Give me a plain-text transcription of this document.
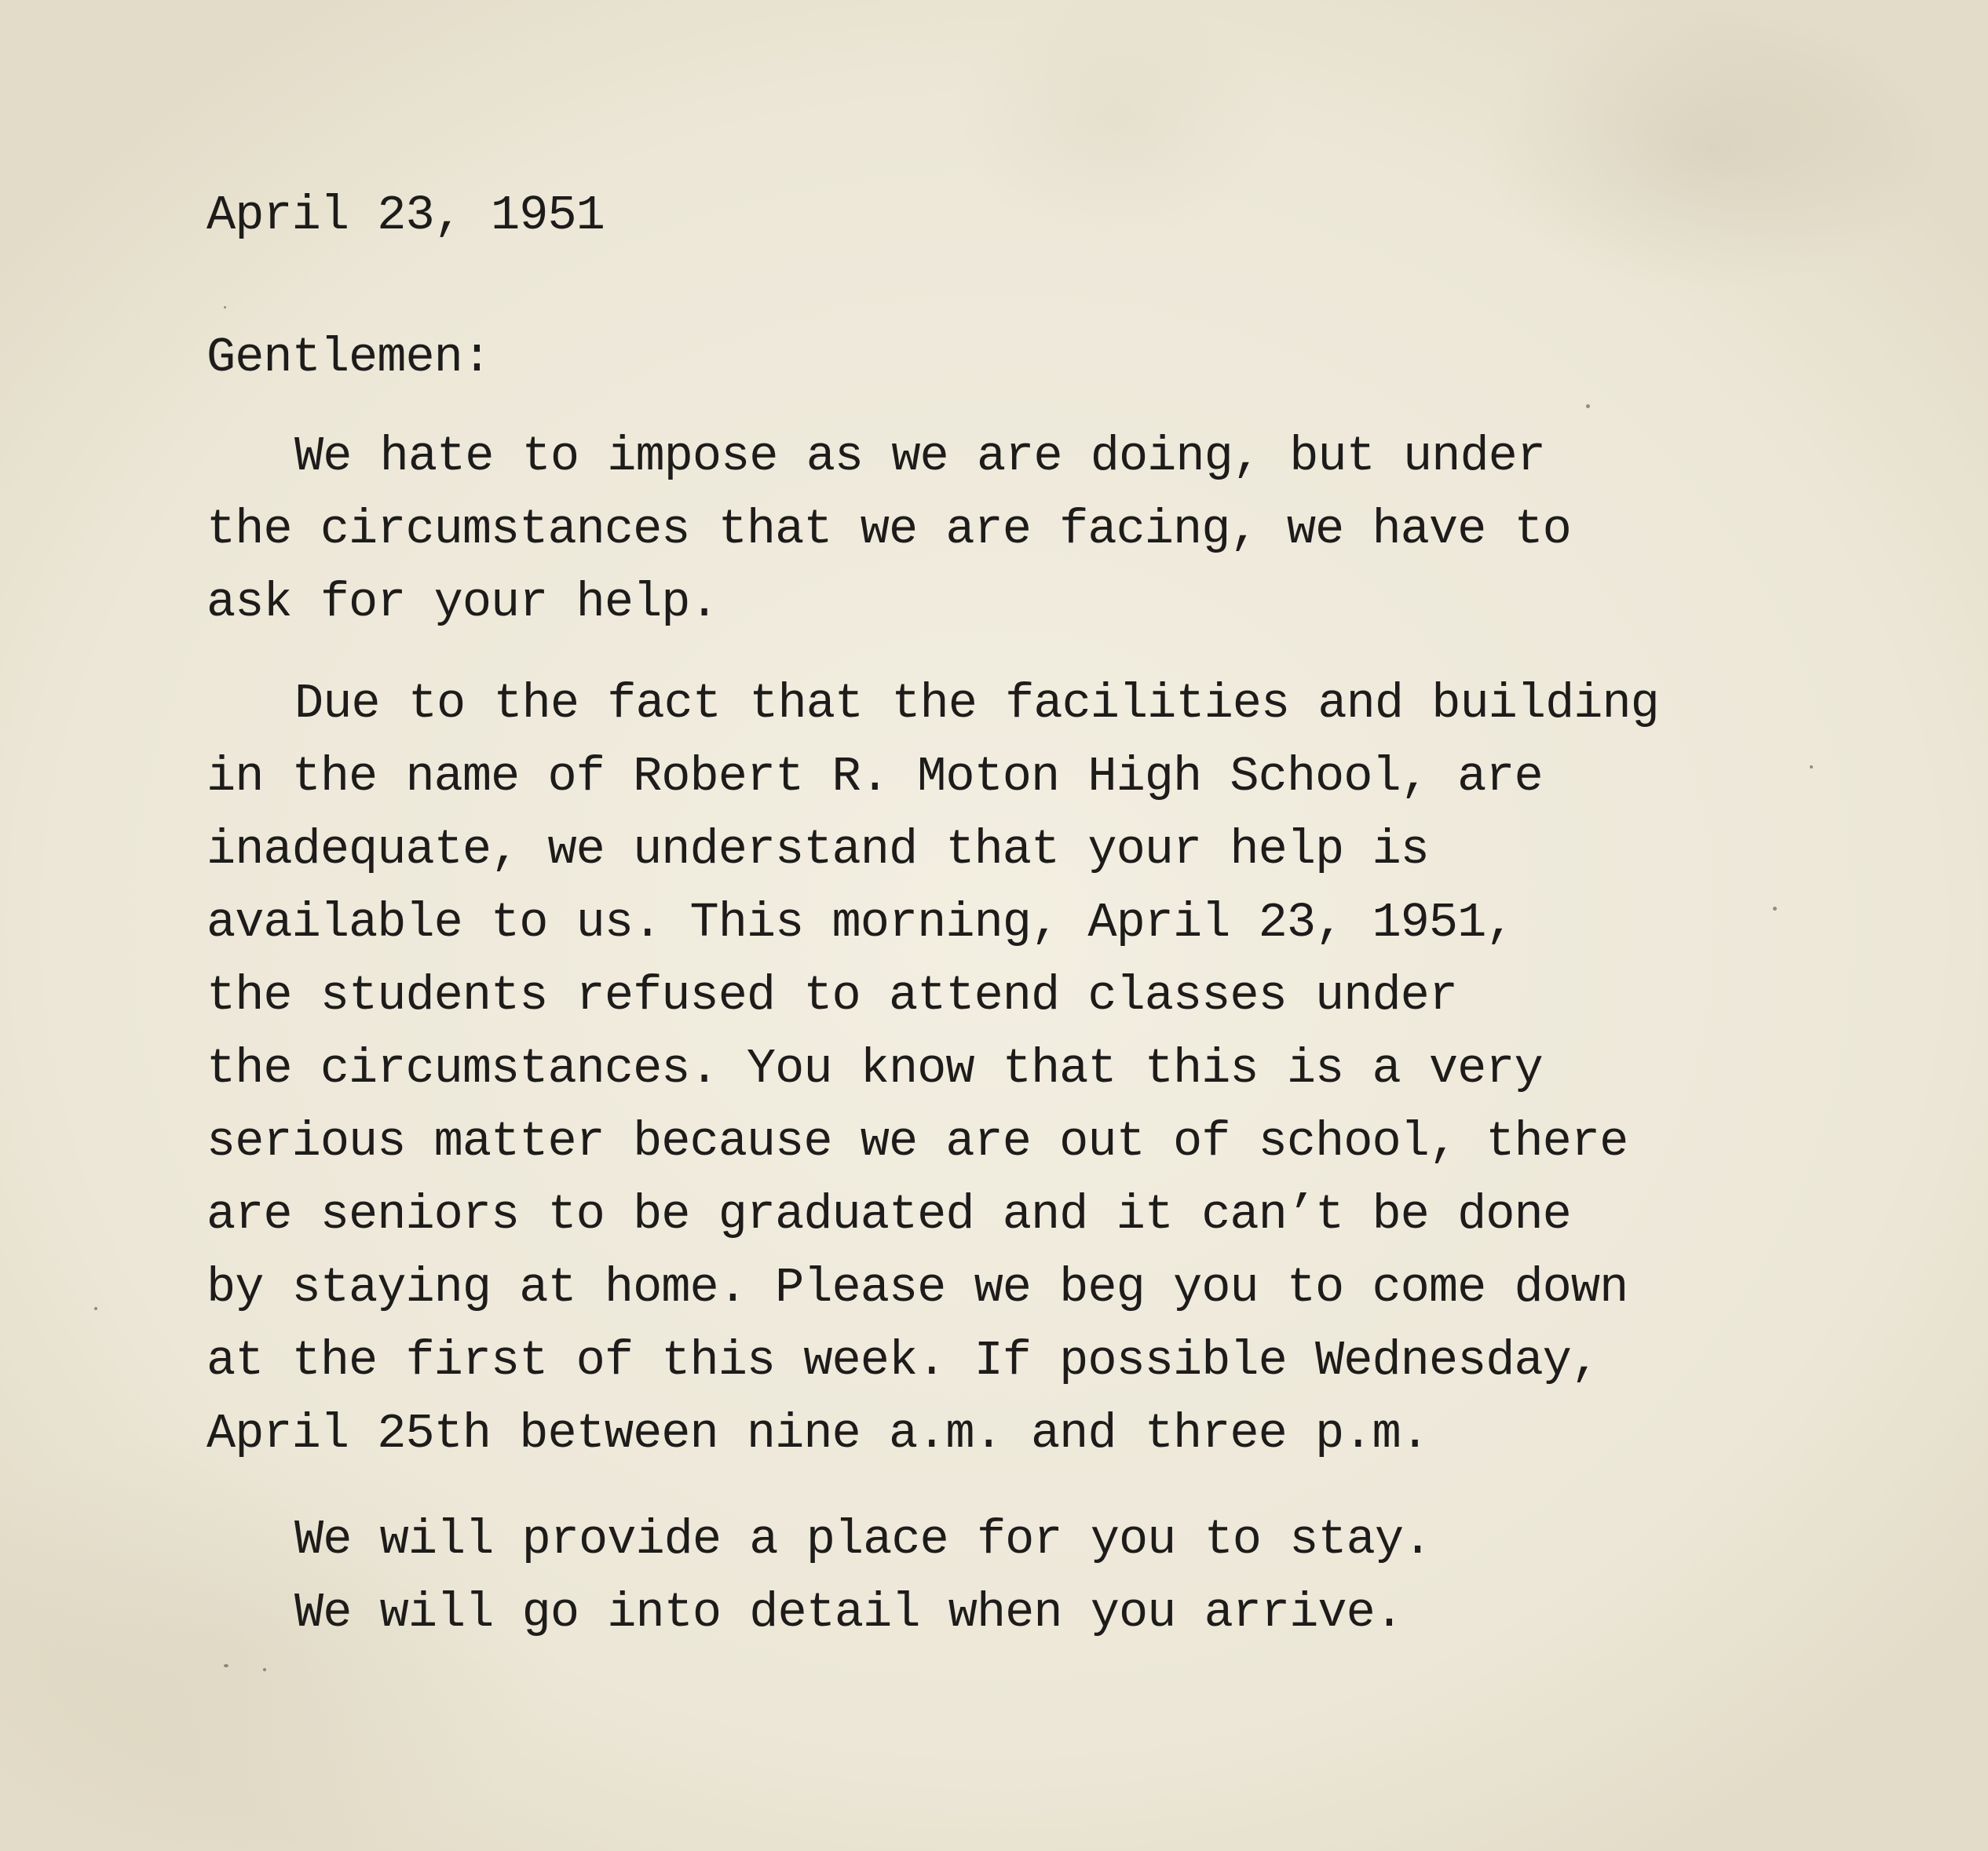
April 23, 1951
Gentlemen:

We hate to impose as we are doing, but under
the circumstances that we are facing, we have to
ask for your help.

Due to the fact that the facilities and building
in the name of Robert R. Moton High School, are
inadequate, we understand that your help is
available to us. This morning, April 23, 1951,
the students refused to attend classes under
the circumstances. You know that this is a very
serious matter because we are out of school, there
are seniors to be graduated and it can’t be done
by staying at home. Please we beg you to come down
at the first of this week. If possible Wednesday,
April 25th between nine a.m. and three p.m.

We will provide a place for you to stay.
We will go into detail when you arrive.
